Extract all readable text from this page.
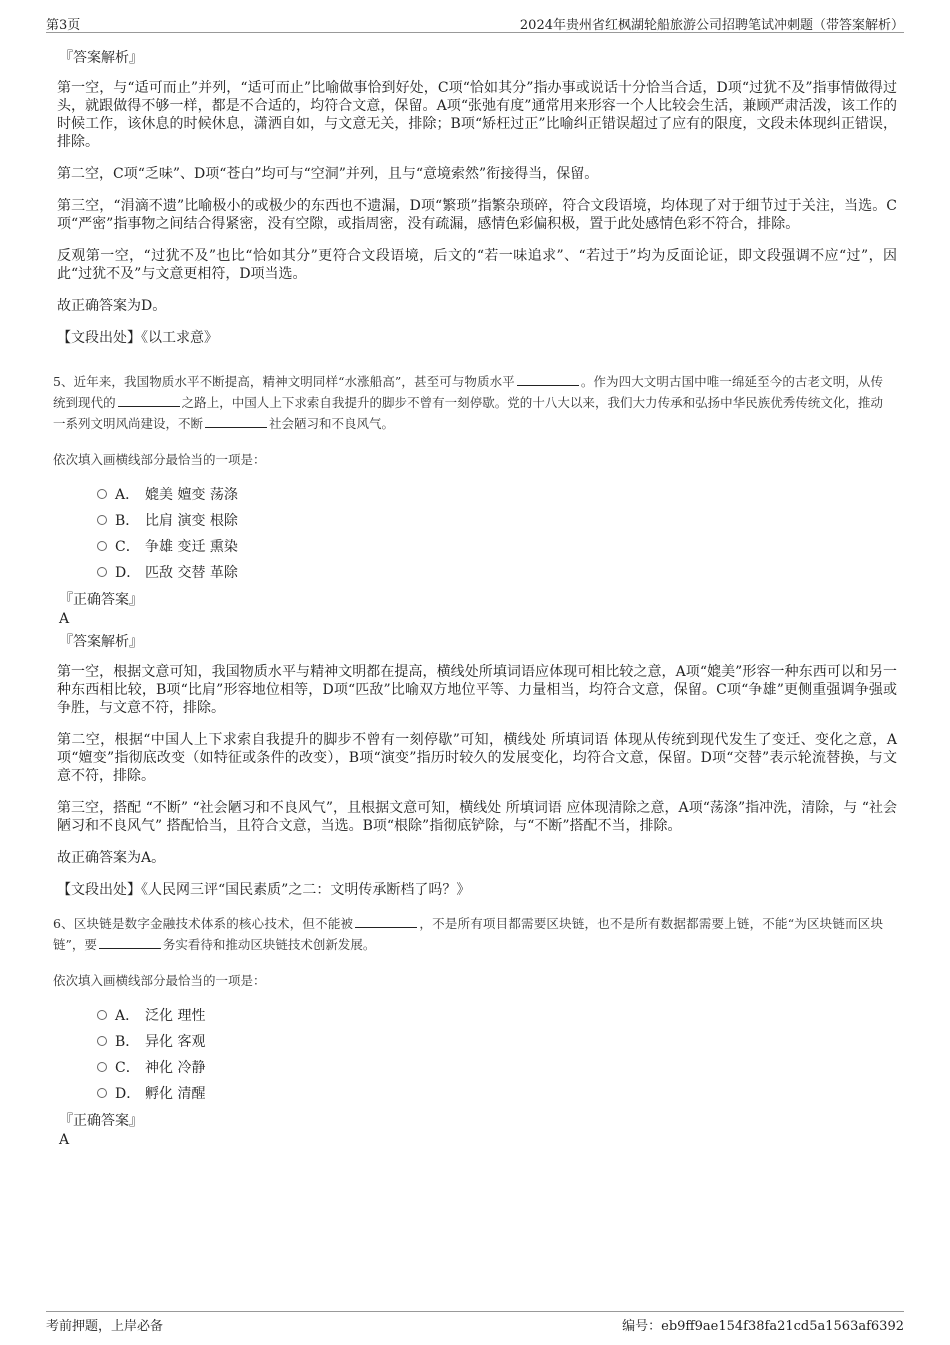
第3页	2024年贵州省红枫湖轮船旅游公司招聘笔试冲刺题（带答案解析）
『答案解析』

第一空，与“适可而止”并列，“适可而止”比喻做事恰到好处，C项“恰如其分”指办事或说话十分恰当合适，D项“过犹不及”指事情做得过头，就跟做得不够一样，都是不合适的，均符合文意，保留。A项“张弛有度”通常用来形容一个人比较会生活，兼顾严肃活泼，该工作的时候工作，该休息的时候休息，潇洒自如，与文意无关，排除；B项“矫枉过正”比喻纠正错误超过了应有的限度，文段未体现纠正错误，排除。

第二空，C项“乏味”、D项“苍白”均可与“空洞”并列，且与“意境索然”衔接得当，保留。

第三空，“涓滴不遗”比喻极小的或极少的东西也不遗漏，D项“繁琐”指繁杂琐碎，符合文段语境，均体现了对于细节过于关注，当选。C项“严密”指事物之间结合得紧密，没有空隙，或指周密，没有疏漏，感情色彩偏积极，置于此处感情色彩不符合，排除。

反观第一空，“过犹不及”也比“恰如其分”更符合文段语境，后文的“若一味追求”、“若过于”均为反面论证，即文段强调不应“过”，因此“过犹不及”与文意更相符，D项当选。

故正确答案为D。

【文段出处】《以工求意》

5、近年来，我国物质水平不断提高，精神文明同样“水涨船高”，甚至可与物质水平	。作为四大文明古国中唯一绵延至今的古老文明，从传统到现代的	之路上，中国人上下求索自我提升的脚步不曾有一刻停歇。党的十八大以来，我们大力传承和弘扬中华民族优秀传统文化，推动一系列文明风尚建设，不断	社会陋习和不良风气。

依次填入画横线部分最恰当的一项是：

A． 媲美 嬗变 荡涤
B． 比肩 演变 根除
C． 争雄 变迁 熏染
D． 匹敌 交替 革除
『正确答案』
A
『答案解析』

第一空，根据文意可知，我国物质水平与精神文明都在提高，横线处所填词语应体现可相比较之意，A项“媲美”形容一种东西可以和另一种东西相比较，B项“比肩”形容地位相等，D项“匹敌”比喻双方地位平等、力量相当，均符合文意，保留。C项“争雄”更侧重强调争强或争胜，与文意不符，排除。

第二空，根据“中国人上下求索自我提升的脚步不曾有一刻停歇”可知，横线处 所填词语 体现从传统到现代发生了变迁、变化之意，A项“嬗变”指彻底改变（如特征或条件的改变），B项“演变”指历时较久的发展变化，均符合文意，保留。D项“交替”表示轮流替换，与文意不符，排除。

第三空，搭配 “不断” “社会陋习和不良风气”，且根据文意可知，横线处 所填词语 应体现清除之意，A项“荡涤”指冲洗，清除，与 “社会陋习和不良风气” 搭配恰当，且符合文意，当选。B项“根除”指彻底铲除，与“不断”搭配不当，排除。

故正确答案为A。

【文段出处】《人民网三评“国民素质”之二：文明传承断档了吗？》

6、区块链是数字金融技术体系的核心技术，但不能被	，不是所有项目都需要区块链，也不是所有数据都需要上链，不能“为区块链而区块链”，要	务实看待和推动区块链技术创新发展。

依次填入画横线部分最恰当的一项是：

A． 泛化 理性
B． 异化 客观
C． 神化 冷静
D． 孵化 清醒
『正确答案』
A
考前押题，上岸必备	编号：eb9ff9ae154f38fa21cd5a1563af6392
